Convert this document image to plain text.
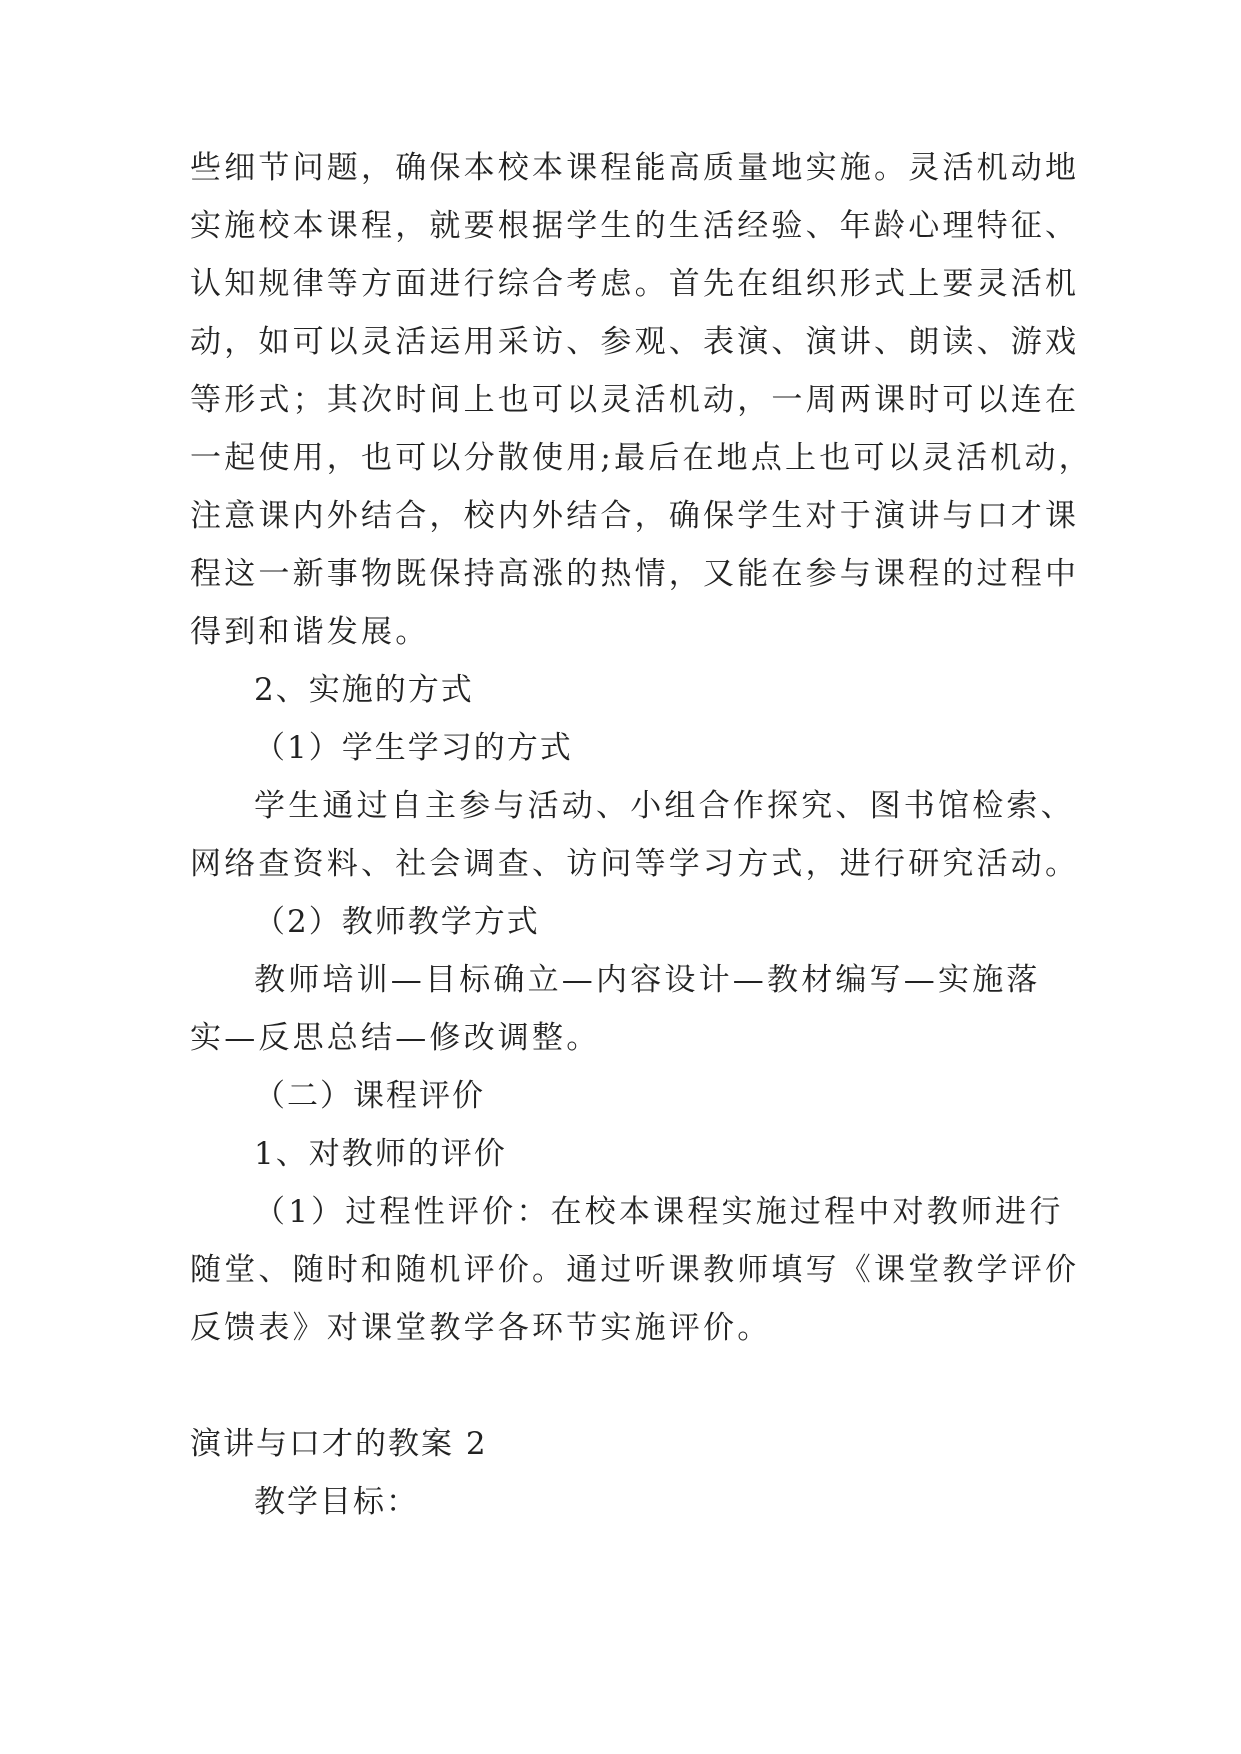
些细节问题，确保本校本课程能高质量地实施。灵活机动地
实施校本课程，就要根据学生的生活经验、年龄心理特征、
认知规律等方面进行综合考虑。首先在组织形式上要灵活机
动，如可以灵活运用采访、参观、表演、演讲、朗读、游戏
等形式；其次时间上也可以灵活机动，一周两课时可以连在
一起使用，也可以分散使用;最后在地点上也可以灵活机动，
注意课内外结合，校内外结合，确保学生对于演讲与口才课
程这一新事物既保持高涨的热情，又能在参与课程的过程中
得到和谐发展。
2、实施的方式
（1）学生学习的方式
学生通过自主参与活动、小组合作探究、图书馆检索、
网络查资料、社会调查、访问等学习方式，进行研究活动。
（2）教师教学方式
教师培训—目标确立—内容设计—教材编写—实施落
实—反思总结—修改调整。
（二）课程评价
1、对教师的评价
（1）过程性评价：在校本课程实施过程中对教师进行
随堂、随时和随机评价。通过听课教师填写《课堂教学评价
反馈表》对课堂教学各环节实施评价。
演讲与口才的教案 2
教学目标：
